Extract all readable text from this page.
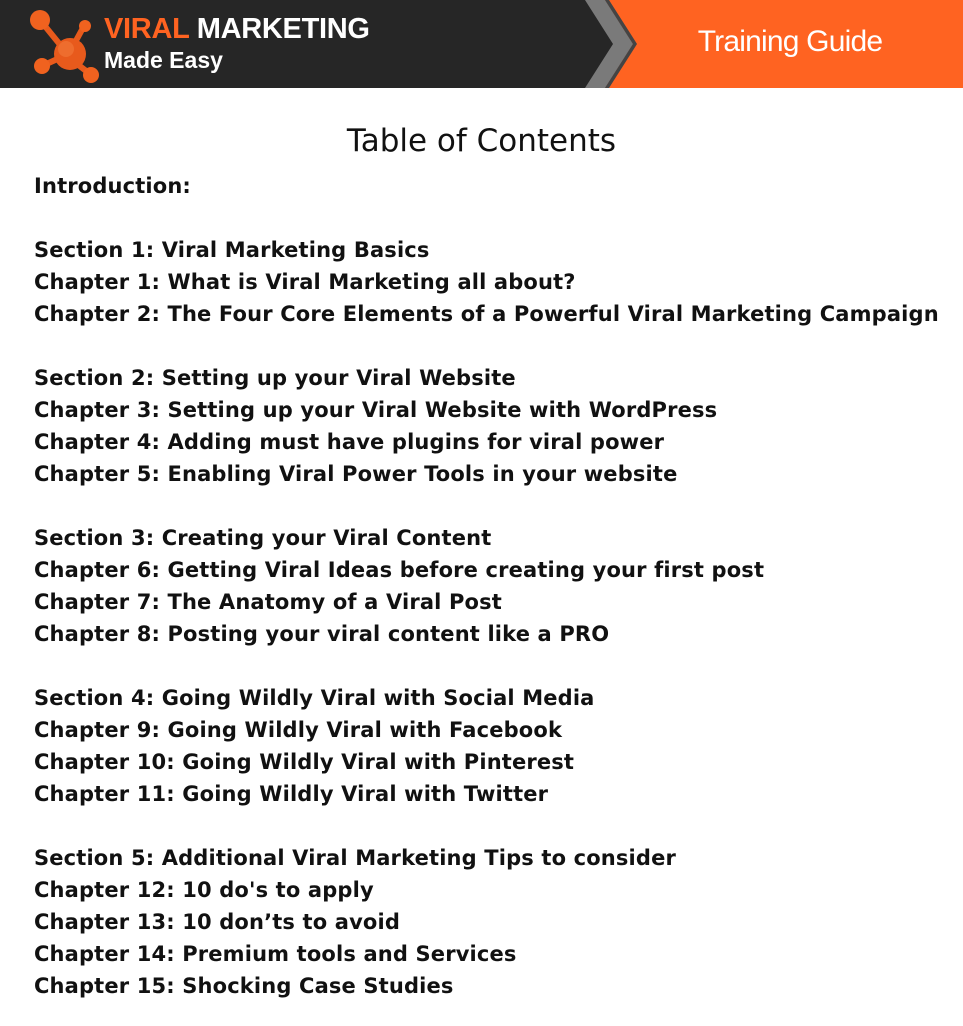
VIRAL MARKETING
Made Easy
Training Guide
Table of Contents
Introduction:
Section 1: Viral Marketing Basics
Chapter 1: What is Viral Marketing all about?
Chapter 2: The Four Core Elements of a Powerful Viral Marketing Campaign
Section 2: Setting up your Viral Website
Chapter 3: Setting up your Viral Website with WordPress
Chapter 4: Adding must have plugins for viral power
Chapter 5: Enabling Viral Power Tools in your website
Section 3: Creating your Viral Content
Chapter 6: Getting Viral Ideas before creating your first post
Chapter 7: The Anatomy of a Viral Post
Chapter 8: Posting your viral content like a PRO
Section 4: Going Wildly Viral with Social Media
Chapter 9: Going Wildly Viral with Facebook
Chapter 10: Going Wildly Viral with Pinterest
Chapter 11: Going Wildly Viral with Twitter
Section 5: Additional Viral Marketing Tips to consider
Chapter 12: 10 do's to apply
Chapter 13: 10 don’ts to avoid
Chapter 14: Premium tools and Services
Chapter 15: Shocking Case Studies
